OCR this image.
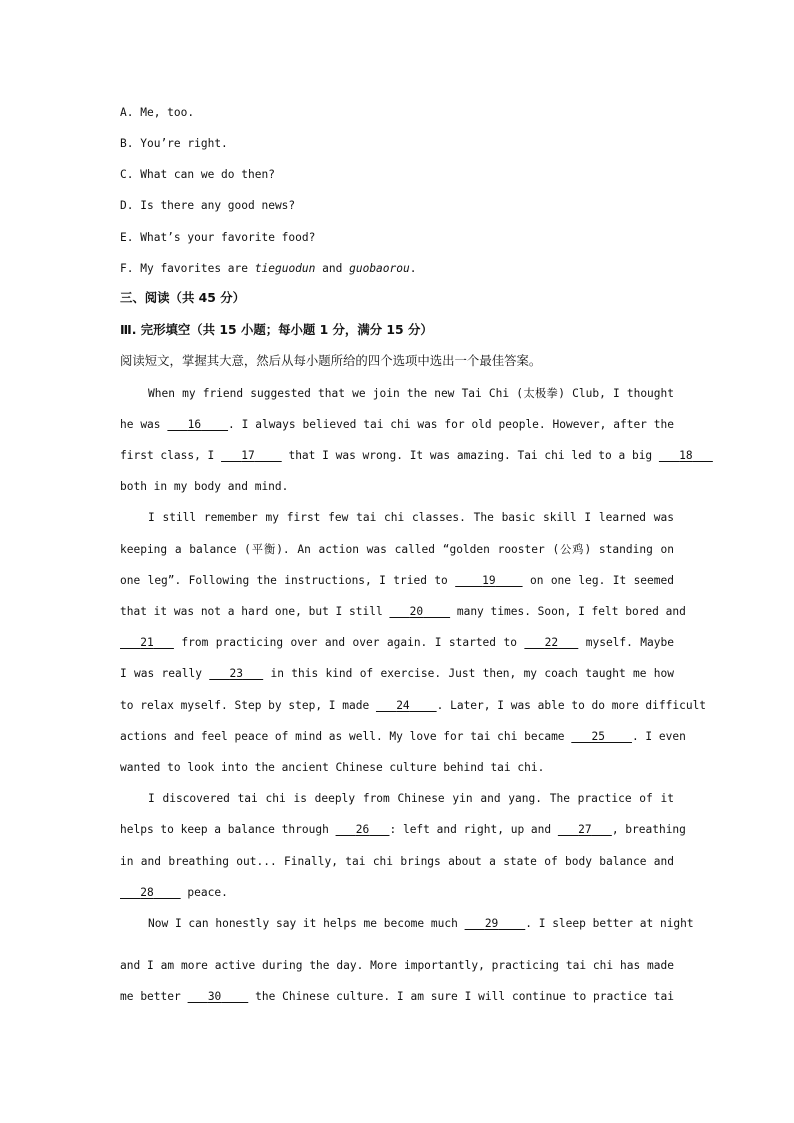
A. Me, too.
B. You’re right.
C. What can we do then?
D. Is there any good news?
E. What’s your favorite food?
F. My favorites are tieguodun and guobaorou.
三、阅读（共 45 分）
Ⅲ. 完形填空（共 15 小题；每小题 1 分，满分 15 分）
阅读短文，掌握其大意，然后从每小题所给的四个选项中选出一个最佳答案。
When my friend suggested that we join the new Tai Chi (太极拳) Club, I thought
he was 16 . I always believed tai chi was for old people. However, after the
first class, I 17	that I was wrong. It was amazing. Tai chi led to a big 18
both in my body and mind.
I still remember my first few tai chi classes. The basic skill I learned was
keeping a balance (平衡). An action was called “golden rooster (公鸡) standing on
one leg”. Following the instructions, I tried to	19	on one leg. It seemed
that it was not a hard one, but I still 20	many times. Soon, I felt bored and
21 from practicing over and over again. I started to 22 myself. Maybe
I was really 23 in this kind of exercise. Just then, my coach taught me how
to relax myself. Step by step, I made 24 . Later, I was able to do more difficult
actions and feel peace of mind as well. My love for tai chi became 25 . I even
wanted to look into the ancient Chinese culture behind tai chi.
I discovered tai chi is deeply from Chinese yin and yang. The practice of it
helps to keep a balance through 26 : left and right, up and 27 , breathing
in and breathing out... Finally, tai chi brings about a state of body balance and
28	peace.
Now I can honestly say it helps me become much 29 . I sleep better at night
and I am more active during the day. More importantly, practicing tai chi has made
me better 30	the Chinese culture. I am sure I will continue to practice tai
